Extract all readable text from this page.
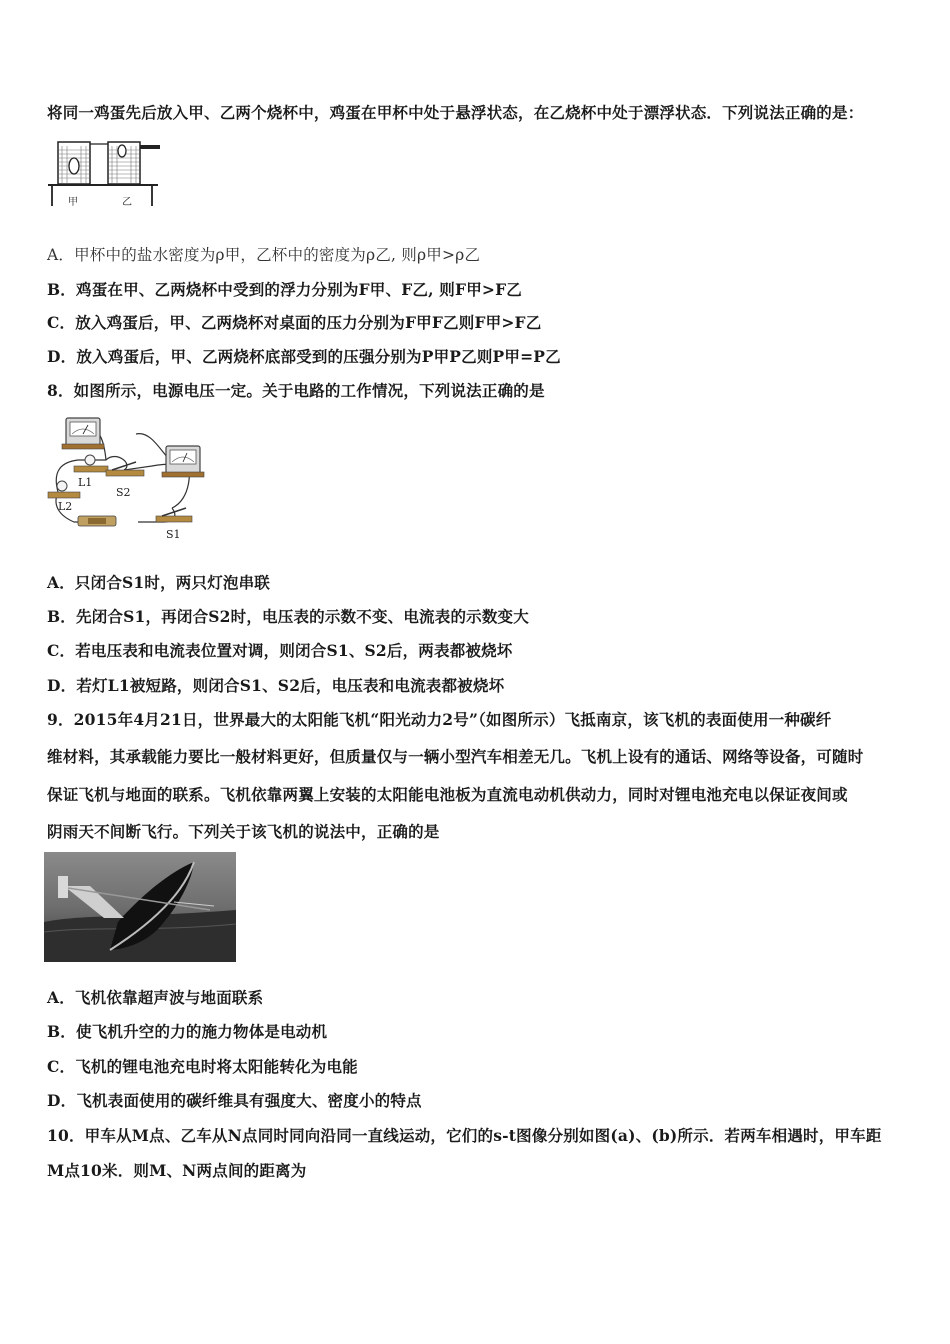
将同一鸡蛋先后放入甲、乙两个烧杯中，鸡蛋在甲杯中处于悬浮状态，在乙烧杯中处于漂浮状态．下列说法正确的是：
甲	乙
A．甲杯中的盐水密度为ρ甲，乙杯中的密度为ρ乙, 则ρ甲>ρ乙
B．鸡蛋在甲、乙两烧杯中受到的浮力分别为F甲、F乙, 则F甲>F乙
C．放入鸡蛋后，甲、乙两烧杯对桌面的压力分别为F甲F乙则F甲>F乙
D．放入鸡蛋后，甲、乙两烧杯底部受到的压强分别为P甲P乙则P甲=P乙
8．如图所示，电源电压一定。关于电路的工作情况，下列说法正确的是
L1
L2
S2
S1
A．只闭合S1时，两只灯泡串联
B．先闭合S1，再闭合S2时，电压表的示数不变、电流表的示数变大
C．若电压表和电流表位置对调，则闭合S1、S2后，两表都被烧坏
D．若灯L1被短路，则闭合S1、S2后，电压表和电流表都被烧坏
9．2015年4月21日，世界最大的太阳能飞机“阳光动力2号”（如图所示）飞抵南京，该飞机的表面使用一种碳纤
维材料，其承载能力要比一般材料更好，但质量仅与一辆小型汽车相差无几。飞机上设有的通话、网络等设备，可随时
保证飞机与地面的联系。飞机依靠两翼上安装的太阳能电池板为直流电动机供动力，同时对锂电池充电以保证夜间或
阴雨天不间断飞行。下列关于该飞机的说法中，正确的是
A．飞机依靠超声波与地面联系
B．使飞机升空的力的施力物体是电动机
C．飞机的锂电池充电时将太阳能转化为电能
D．飞机表面使用的碳纤维具有强度大、密度小的特点
10．甲车从M点、乙车从N点同时同向沿同一直线运动，它们的s-t图像分别如图(a)、(b)所示．若两车相遇时，甲车距
M点10米．则M、N两点间的距离为
